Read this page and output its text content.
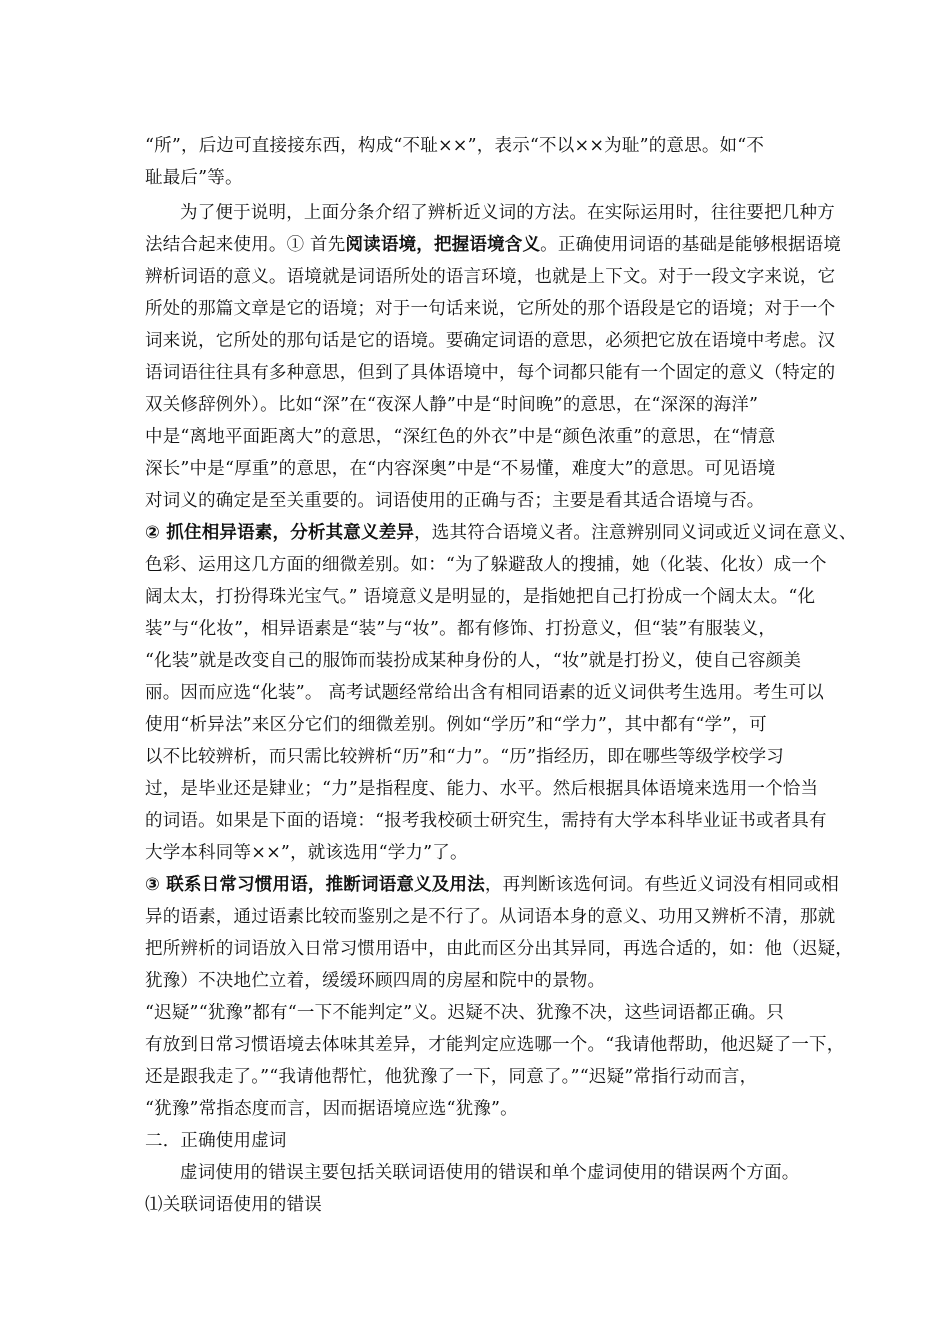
“所”，后边可直接接东西，构成“不耻××”，表示“不以××为耻”的意思。如“不
耻最后”等。
为了便于说明，上面分条介绍了辨析近义词的方法。在实际运用时，往往要把几种方
法结合起来使用。① 首先阅读语境，把握语境含义。正确使用词语的基础是能够根据语境
辨析词语的意义。语境就是词语所处的语言环境，也就是上下文。对于一段文字来说，它
所处的那篇文章是它的语境；对于一句话来说，它所处的那个语段是它的语境；对于一个
词来说，它所处的那句话是它的语境。要确定词语的意思，必须把它放在语境中考虑。汉
语词语往往具有多种意思，但到了具体语境中，每个词都只能有一个固定的意义（特定的
双关修辞例外）。比如“深”在“夜深人静”中是“时间晚”的意思，在“深深的海洋”
中是“离地平面距离大”的意思，“深红色的外衣”中是“颜色浓重”的意思，在“情意
深长”中是“厚重”的意思，在“内容深奥”中是“不易懂，难度大”的意思。可见语境
对词义的确定是至关重要的。词语使用的正确与否；主要是看其适合语境与否。
② 抓住相异语素，分析其意义差异，选其符合语境义者。注意辨别同义词或近义词在意义、
色彩、运用这几方面的细微差别。如：“为了躲避敌人的搜捕，她（化装、化妆）成一个
阔太太，打扮得珠光宝气。” 语境意义是明显的，是指她把自己打扮成一个阔太太。“化
装”与“化妆”，相异语素是“装”与“妆”。都有修饰、打扮意义，但“装”有服装义，
“化装”就是改变自己的服饰而装扮成某种身份的人，“妆”就是打扮义，使自己容颜美
丽。因而应选“化装”。 高考试题经常给出含有相同语素的近义词供考生选用。考生可以
使用“析异法”来区分它们的细微差别。例如“学历”和“学力”，其中都有“学”，可
以不比较辨析，而只需比较辨析“历”和“力”。“历”指经历，即在哪些等级学校学习
过，是毕业还是肄业；“力”是指程度、能力、水平。然后根据具体语境来选用一个恰当
的词语。如果是下面的语境：“报考我校硕士研究生，需持有大学本科毕业证书或者具有
大学本科同等××”，就该选用“学力”了。
③ 联系日常习惯用语，推断词语意义及用法，再判断该选何词。有些近义词没有相同或相
异的语素，通过语素比较而鉴别之是不行了。从词语本身的意义、功用又辨析不清，那就
把所辨析的词语放入日常习惯用语中，由此而区分出其异同，再选合适的，如：他（迟疑，
犹豫）不决地伫立着，缓缓环顾四周的房屋和院中的景物。
“迟疑”“犹豫”都有“一下不能判定”义。迟疑不决、犹豫不决，这些词语都正确。只
有放到日常习惯语境去体味其差异，才能判定应选哪一个。“我请他帮助，他迟疑了一下，
还是跟我走了。”“我请他帮忙，他犹豫了一下，同意了。”“迟疑”常指行动而言，
“犹豫”常指态度而言，因而据语境应选“犹豫”。
二．正确使用虚词
虚词使用的错误主要包括关联词语使用的错误和单个虚词使用的错误两个方面。
⑴关联词语使用的错误
